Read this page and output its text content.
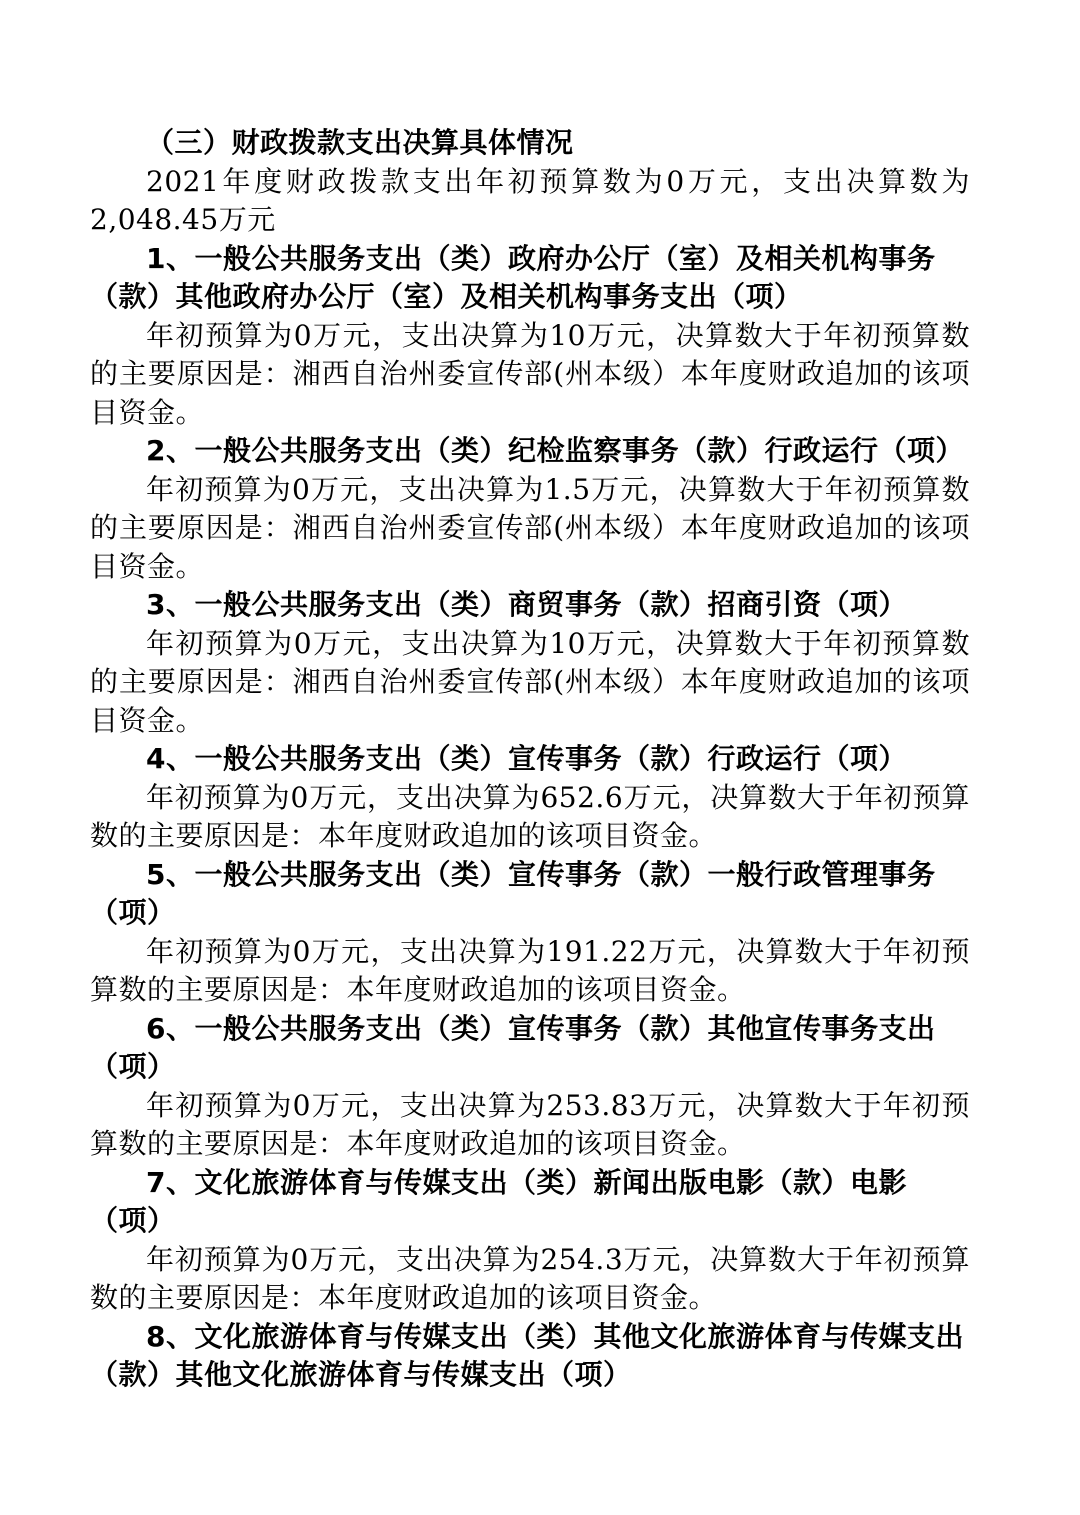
（三）财政拨款支出决算具体情况

2021年度财政拨款支出年初预算数为0万元，支出决算数为2,048.45万元

1、一般公共服务支出（类）政府办公厅（室）及相关机构事务（款）其他政府办公厅（室）及相关机构事务支出（项）

年初预算为0万元，支出决算为10万元，决算数大于年初预算数的主要原因是：湘西自治州委宣传部(州本级）本年度财政追加的该项目资金。

2、一般公共服务支出（类）纪检监察事务（款）行政运行（项）

年初预算为0万元，支出决算为1.5万元，决算数大于年初预算数的主要原因是：湘西自治州委宣传部(州本级）本年度财政追加的该项目资金。

3、一般公共服务支出（类）商贸事务（款）招商引资（项）

年初预算为0万元，支出决算为10万元，决算数大于年初预算数的主要原因是：湘西自治州委宣传部(州本级）本年度财政追加的该项目资金。

4、一般公共服务支出（类）宣传事务（款）行政运行（项）

年初预算为0万元，支出决算为652.6万元，决算数大于年初预算数的主要原因是：本年度财政追加的该项目资金。

5、一般公共服务支出（类）宣传事务（款）一般行政管理事务（项）

年初预算为0万元，支出决算为191.22万元，决算数大于年初预算数的主要原因是：本年度财政追加的该项目资金。

6、一般公共服务支出（类）宣传事务（款）其他宣传事务支出（项）

年初预算为0万元，支出决算为253.83万元，决算数大于年初预算数的主要原因是：本年度财政追加的该项目资金。

7、文化旅游体育与传媒支出（类）新闻出版电影（款）电影（项）

年初预算为0万元，支出决算为254.3万元，决算数大于年初预算数的主要原因是：本年度财政追加的该项目资金。

8、文化旅游体育与传媒支出（类）其他文化旅游体育与传媒支出（款）其他文化旅游体育与传媒支出（项）
